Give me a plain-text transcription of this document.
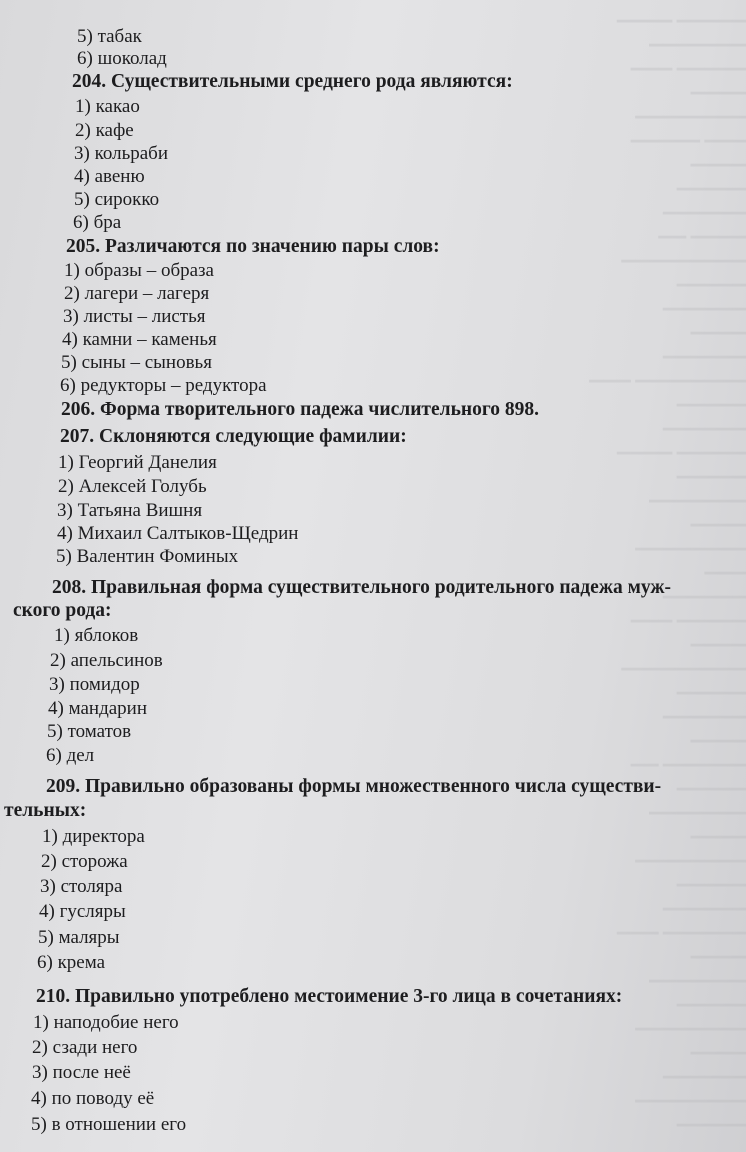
▁▁▁▁▁ ▁▁▁▁
▁▁▁▁▁▁▁
▁▁▁▁▁ ▁▁▁
▁▁▁▁
▁▁▁▁▁▁▁▁
▁▁▁ ▁▁▁▁▁
▁▁▁▁
▁▁▁▁▁
▁▁▁▁▁▁
▁▁▁▁ ▁▁
▁▁▁▁▁▁▁▁▁
▁▁▁▁▁
▁▁▁▁▁▁
▁▁▁▁
▁▁▁▁▁▁
▁▁▁▁▁▁▁▁ ▁▁▁
▁▁▁▁▁
▁▁▁▁▁▁
▁▁▁▁▁ ▁▁▁▁
▁▁▁▁▁
▁▁▁▁▁▁▁
▁▁▁▁
▁▁▁▁▁▁▁▁
▁▁▁
▁▁▁▁▁▁
▁▁▁▁▁ ▁▁▁
▁▁▁▁
▁▁▁▁▁▁▁▁▁
▁▁▁▁▁
▁▁▁▁▁▁
▁▁▁▁
▁▁▁▁▁▁ ▁▁
▁▁▁▁▁
▁▁▁▁▁▁▁
▁▁▁▁
▁▁▁▁▁▁▁▁
▁▁▁▁▁
▁▁▁▁▁▁
▁▁▁▁▁▁ ▁▁▁
▁▁▁▁
▁▁▁▁▁▁▁
▁▁▁▁▁
▁▁▁▁▁▁▁▁
▁▁▁▁
▁▁▁▁▁▁
▁▁▁▁▁▁▁▁
▁▁▁▁▁
5) табак
6) шоколад
204. Существительными среднего рода являются:
1) какао
2) кафе
3) кольраби
4) авеню
5) сирокко
6) бра
205. Различаются по значению пары слов:
1) образы – образа
2) лагери – лагеря
3) листы – листья
4) камни – каменья
5) сыны – сыновья
6) редукторы – редуктора
206. Форма творительного падежа числительного 898.
207. Склоняются следующие фамилии:
1) Георгий Данелия
2) Алексей Голубь
3) Татьяна Вишня
4) Михаил Салтыков-Щедрин
5) Валентин Фоминых
208. Правильная форма существительного родительного падежа муж-
ского рода:
1) яблоков
2) апельсинов
3) помидор
4) мандарин
5) томатов
6) дел
209. Правильно образованы формы множественного числа существи-
тельных:
1) директора
2) сторожа
3) столяра
4) гусляры
5) маляры
6) крема
210. Правильно употреблено местоимение 3-го лица в сочетаниях:
1) наподобие него
2) сзади него
3) после неё
4) по поводу её
5) в отношении его
